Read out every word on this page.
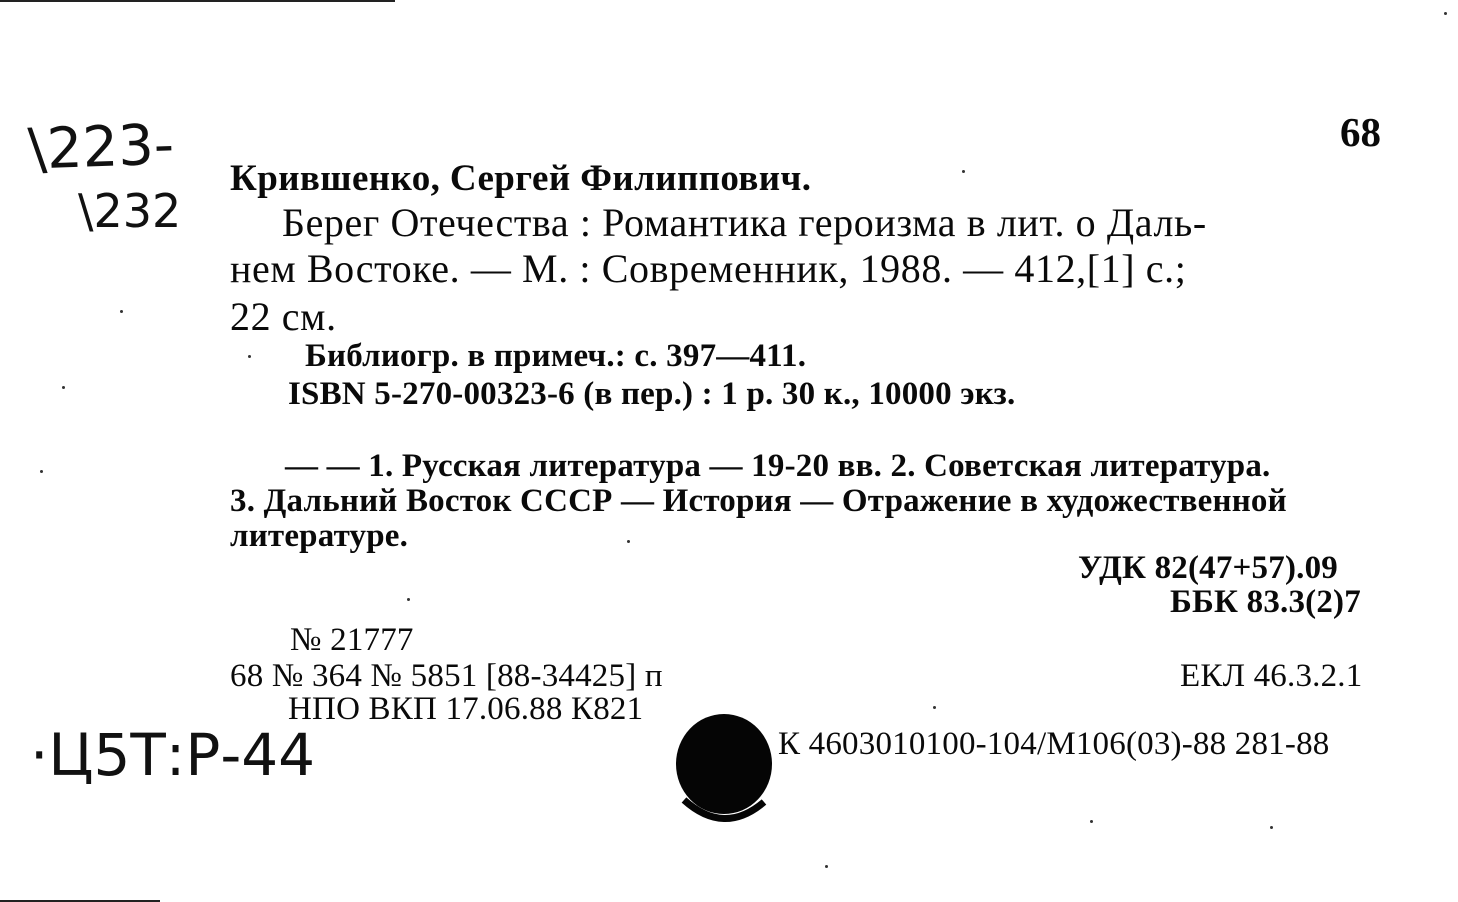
68
\223-
\232
Крившенко, Сергей Филиппович.
Берег Отечества : Романтика героизма в лит. о Даль-
нем Востоке. — М. : Современник, 1988. — 412,[1] с.;
22 см.
Библиогр. в примеч.: с. 397—411.
ISBN 5-270-00323-6 (в пер.) : 1 р. 30 к., 10000 экз.
— — 1. Русская литература — 19-20 вв. 2. Советская литература.
3. Дальний Восток СССР — История — Отражение в художественной
литературе.
УДК 82(47+57).09
ББК 83.3(2)7
№ 21777
68 № 364 № 5851 [88-34425] п	ЕКЛ 46.3.2.1
НПО ВКП 17.06.88 К821
К 4603010100-104/М106(03)-88 281-88
·Ц5Т:Р-44
